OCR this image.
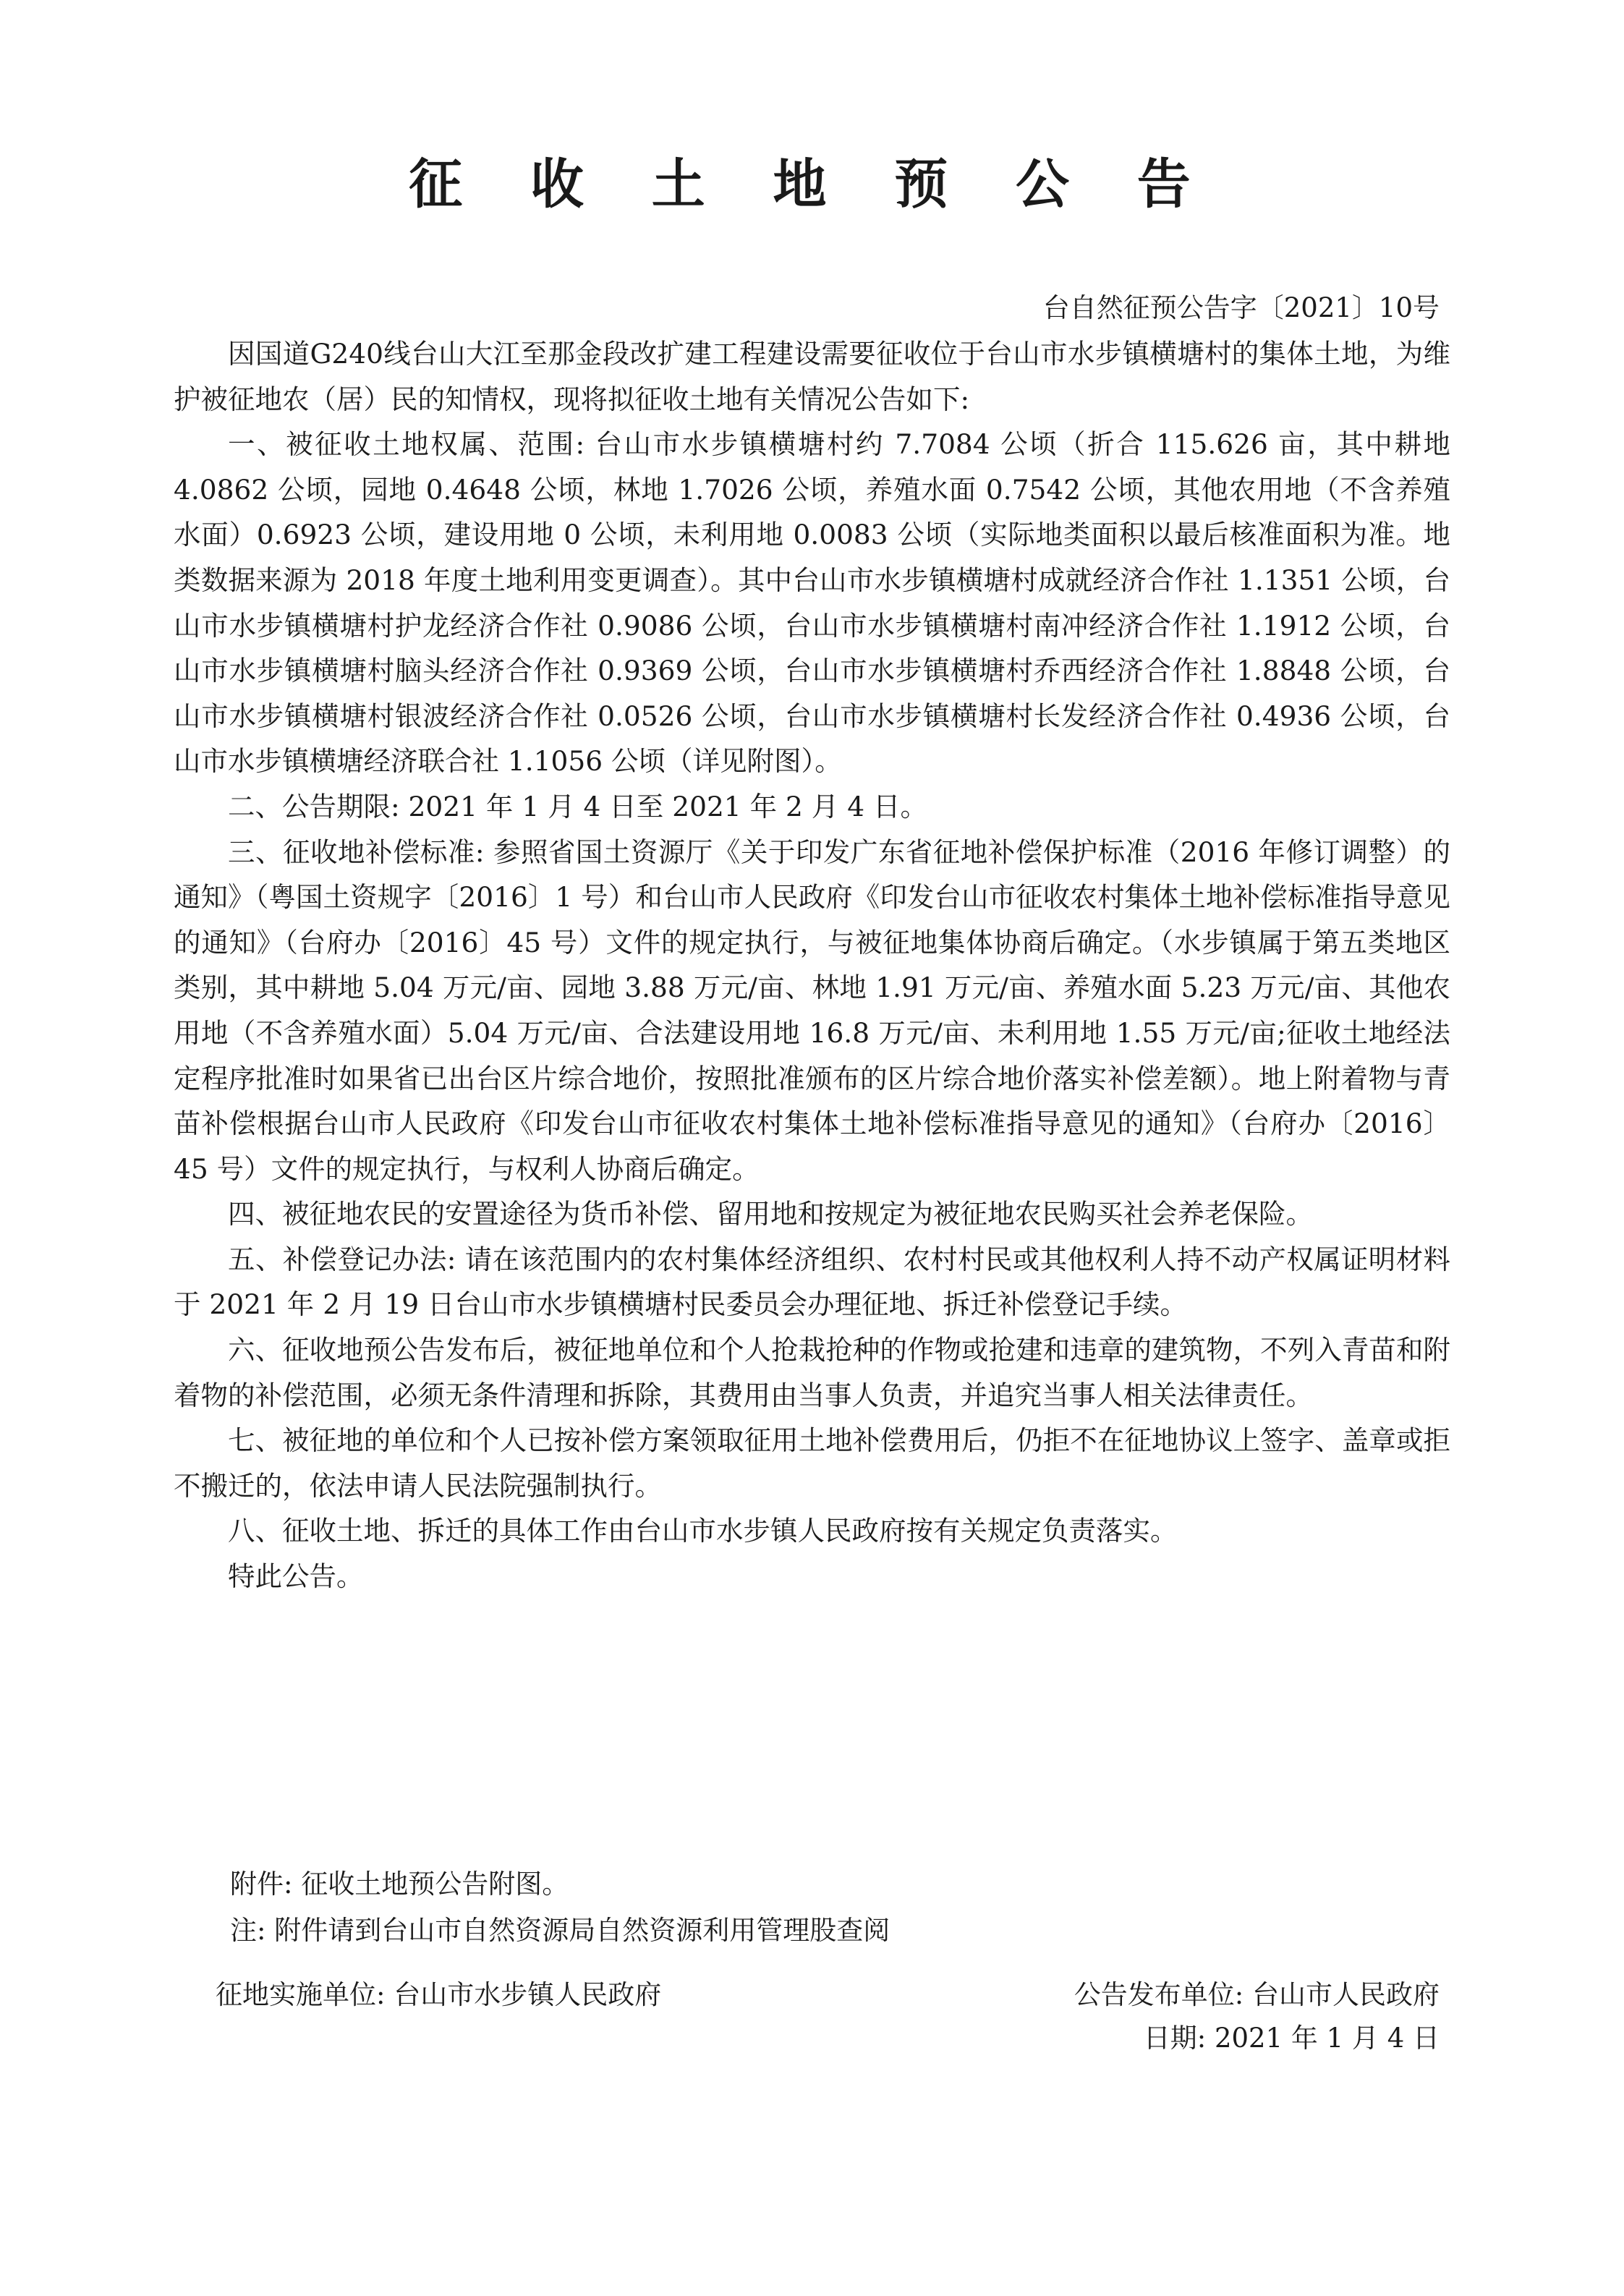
征 收 土 地 预 公 告
台自然征预公告字〔2021〕10号

因国道G240线台山大江至那金段改扩建工程建设需要征收位于台山市水步镇横塘村的集体土地，为维护被征地农（居）民的知情权，现将拟征收土地有关情况公告如下:

一、被征收土地权属、范围: 台山市水步镇横塘村约 7.7084 公顷（折合 115.626 亩，其中耕地 4.0862 公顷，园地 0.4648 公顷，林地 1.7026 公顷，养殖水面 0.7542 公顷，其他农用地（不含养殖水面）0.6923 公顷，建设用地 0 公顷，未利用地 0.0083 公顷（实际地类面积以最后核准面积为准。地类数据来源为 2018 年度土地利用变更调查）。其中台山市水步镇横塘村成就经济合作社 1.1351 公顷，台山市水步镇横塘村护龙经济合作社 0.9086 公顷，台山市水步镇横塘村南冲经济合作社 1.1912 公顷，台山市水步镇横塘村脑头经济合作社 0.9369 公顷，台山市水步镇横塘村乔西经济合作社 1.8848 公顷，台山市水步镇横塘村银波经济合作社 0.0526 公顷，台山市水步镇横塘村长发经济合作社 0.4936 公顷，台山市水步镇横塘经济联合社 1.1056 公顷（详见附图）。

二、公告期限: 2021 年 1 月 4 日至 2021 年 2 月 4 日。

三、征收地补偿标准: 参照省国土资源厅《关于印发广东省征地补偿保护标准（2016 年修订调整）的通知》（粤国土资规字〔2016〕1 号）和台山市人民政府《印发台山市征收农村集体土地补偿标准指导意见的通知》（台府办〔2016〕45 号）文件的规定执行，与被征地集体协商后确定。（水步镇属于第五类地区类别，其中耕地 5.04 万元/亩、园地 3.88 万元/亩、林地 1.91 万元/亩、养殖水面 5.23 万元/亩、其他农用地（不含养殖水面）5.04 万元/亩、合法建设用地 16.8 万元/亩、未利用地 1.55 万元/亩;征收土地经法定程序批准时如果省已出台区片综合地价，按照批准颁布的区片综合地价落实补偿差额）。地上附着物与青苗补偿根据台山市人民政府《印发台山市征收农村集体土地补偿标准指导意见的通知》（台府办〔2016〕45 号）文件的规定执行，与权利人协商后确定。

四、被征地农民的安置途径为货币补偿、留用地和按规定为被征地农民购买社会养老保险。

五、补偿登记办法: 请在该范围内的农村集体经济组织、农村村民或其他权利人持不动产权属证明材料于 2021 年 2 月 19 日台山市水步镇横塘村民委员会办理征地、拆迁补偿登记手续。

六、征收地预公告发布后，被征地单位和个人抢栽抢种的作物或抢建和违章的建筑物，不列入青苗和附着物的补偿范围，必须无条件清理和拆除，其费用由当事人负责，并追究当事人相关法律责任。

七、被征地的单位和个人已按补偿方案领取征用土地补偿费用后，仍拒不在征地协议上签字、盖章或拒不搬迁的，依法申请人民法院强制执行。

八、征收土地、拆迁的具体工作由台山市水步镇人民政府按有关规定负责落实。

特此公告。

附件: 征收土地预公告附图。
注: 附件请到台山市自然资源局自然资源利用管理股查阅
征地实施单位: 台山市水步镇人民政府	公告发布单位: 台山市人民政府
日期: 2021 年 1 月 4 日
